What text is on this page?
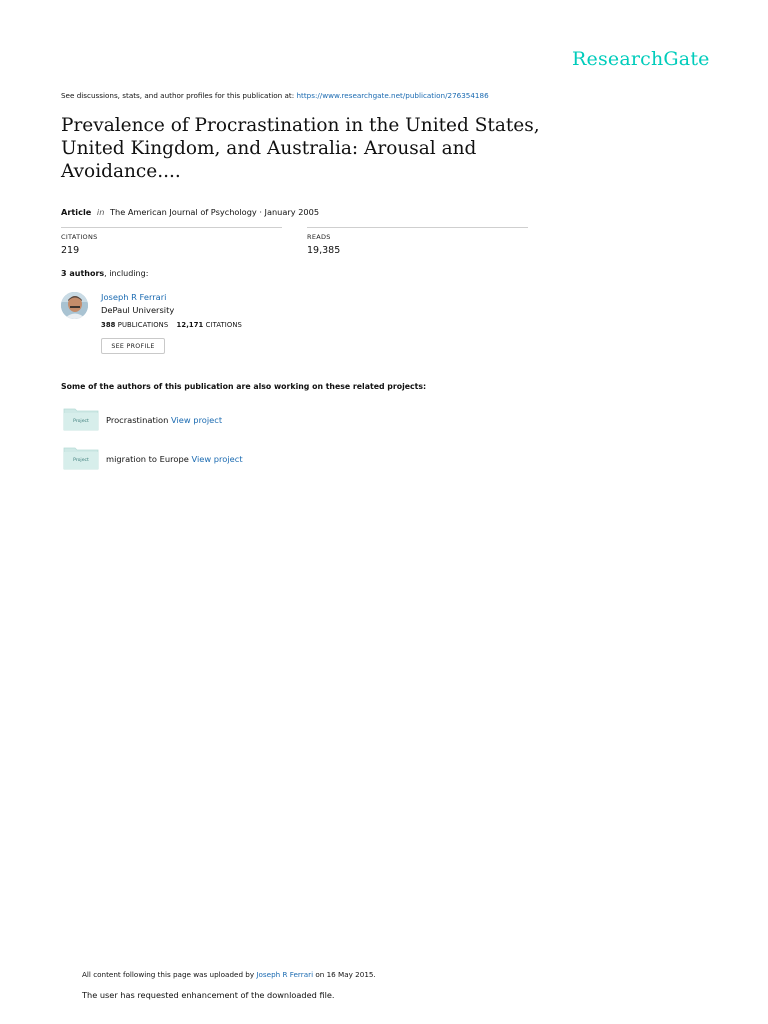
ResearchGate
See discussions, stats, and author profiles for this publication at: https://www.researchgate.net/publication/276354186
Prevalence of Procrastination in the United States, United Kingdom, and Australia: Arousal and Avoidance....
Article in The American Journal of Psychology · January 2005
CITATIONS
219
READS
19,385
3 authors, including:
Joseph R Ferrari
DePaul University
388 PUBLICATIONS 12,171 CITATIONS
SEE PROFILE
Some of the authors of this publication are also working on these related projects:
Project	Procrastination View project
Project	migration to Europe View project
All content following this page was uploaded by Joseph R Ferrari on 16 May 2015.
The user has requested enhancement of the downloaded file.
